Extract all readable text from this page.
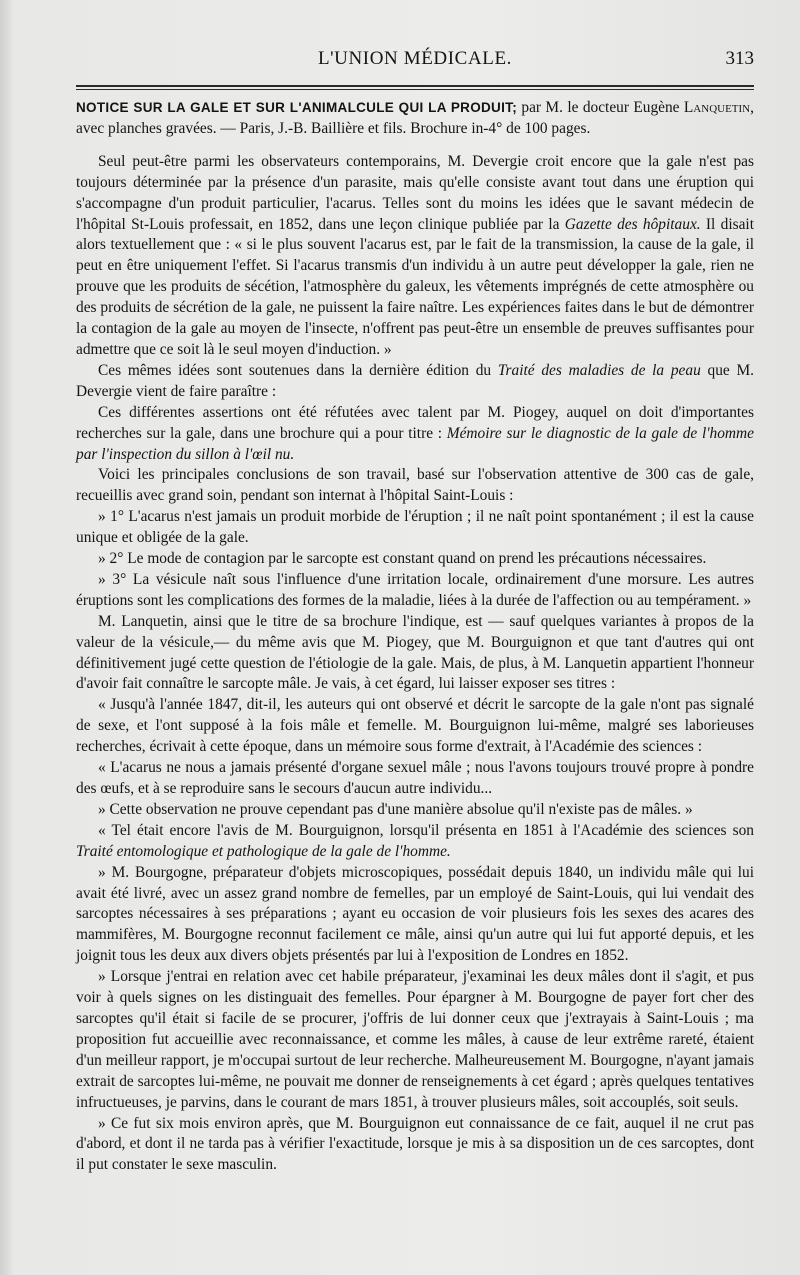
L'UNION MÉDICALE.	313
NOTICE SUR LA GALE ET SUR L'ANIMALCULE QUI LA PRODUIT; par M. le docteur Eugène Lanquetin, avec planches gravées. — Paris, J.-B. Baillière et fils. Brochure in-4° de 100 pages.

Seul peut-être parmi les observateurs contemporains, M. Devergie croit encore que la gale n'est pas toujours déterminée par la présence d'un parasite, mais qu'elle consiste avant tout dans une éruption qui s'accompagne d'un produit particulier, l'acarus. Telles sont du moins les idées que le savant médecin de l'hôpital St-Louis professait, en 1852, dans une leçon clinique publiée par la Gazette des hôpitaux. Il disait alors textuellement que : « si le plus souvent l'acarus est, par le fait de la transmission, la cause de la gale, il peut en être uniquement l'effet. Si l'acarus transmis d'un individu à un autre peut développer la gale, rien ne prouve que les produits de sécétion, l'atmosphère du galeux, les vêtements imprégnés de cette atmosphère ou des produits de sécrétion de la gale, ne puissent la faire naître. Les expériences faites dans le but de démontrer la contagion de la gale au moyen de l'insecte, n'offrent pas peut-être un ensemble de preuves suffisantes pour admettre que ce soit là le seul moyen d'induction. »

Ces mêmes idées sont soutenues dans la dernière édition du Traité des maladies de la peau que M. Devergie vient de faire paraître :

Ces différentes assertions ont été réfutées avec talent par M. Piogey, auquel on doit d'importantes recherches sur la gale, dans une brochure qui a pour titre : Mémoire sur le diagnostic de la gale de l'homme par l'inspection du sillon à l'œil nu.

Voici les principales conclusions de son travail, basé sur l'observation attentive de 300 cas de gale, recueillis avec grand soin, pendant son internat à l'hôpital Saint-Louis :

» 1° L'acarus n'est jamais un produit morbide de l'éruption ; il ne naît point spontanément ; il est la cause unique et obligée de la gale.

» 2° Le mode de contagion par le sarcopte est constant quand on prend les précautions nécessaires.

» 3° La vésicule naît sous l'influence d'une irritation locale, ordinairement d'une morsure. Les autres éruptions sont les complications des formes de la maladie, liées à la durée de l'affection ou au tempérament. »

M. Lanquetin, ainsi que le titre de sa brochure l'indique, est — sauf quelques variantes à propos de la valeur de la vésicule,— du même avis que M. Piogey, que M. Bourguignon et que tant d'autres qui ont définitivement jugé cette question de l'étiologie de la gale. Mais, de plus, à M. Lanquetin appartient l'honneur d'avoir fait connaître le sarcopte mâle. Je vais, à cet égard, lui laisser exposer ses titres :

« Jusqu'à l'année 1847, dit-il, les auteurs qui ont observé et décrit le sarcopte de la gale n'ont pas signalé de sexe, et l'ont supposé à la fois mâle et femelle. M. Bourguignon lui-même, malgré ses laborieuses recherches, écrivait à cette époque, dans un mémoire sous forme d'extrait, à l'Académie des sciences :

« L'acarus ne nous a jamais présenté d'organe sexuel mâle ; nous l'avons toujours trouvé propre à pondre des œufs, et à se reproduire sans le secours d'aucun autre individu...

» Cette observation ne prouve cependant pas d'une manière absolue qu'il n'existe pas de mâles. »

« Tel était encore l'avis de M. Bourguignon, lorsqu'il présenta en 1851 à l'Académie des sciences son Traité entomologique et pathologique de la gale de l'homme.

» M. Bourgogne, préparateur d'objets microscopiques, possédait depuis 1840, un individu mâle qui lui avait été livré, avec un assez grand nombre de femelles, par un employé de Saint-Louis, qui lui vendait des sarcoptes nécessaires à ses préparations ; ayant eu occasion de voir plusieurs fois les sexes des acares des mammifères, M. Bourgogne reconnut facilement ce mâle, ainsi qu'un autre qui lui fut apporté depuis, et les joignit tous les deux aux divers objets présentés par lui à l'exposition de Londres en 1852.

» Lorsque j'entrai en relation avec cet habile préparateur, j'examinai les deux mâles dont il s'agit, et pus voir à quels signes on les distinguait des femelles. Pour épargner à M. Bourgogne de payer fort cher des sarcoptes qu'il était si facile de se procurer, j'offris de lui donner ceux que j'extrayais à Saint-Louis ; ma proposition fut accueillie avec reconnaissance, et comme les mâles, à cause de leur extrême rareté, étaient d'un meilleur rapport, je m'occupai surtout de leur recherche. Malheureusement M. Bourgogne, n'ayant jamais extrait de sarcoptes lui-même, ne pouvait me donner de renseignements à cet égard ; après quelques tentatives infructueuses, je parvins, dans le courant de mars 1851, à trouver plusieurs mâles, soit accouplés, soit seuls.

» Ce fut six mois environ après, que M. Bourguignon eut connaissance de ce fait, auquel il ne crut pas d'abord, et dont il ne tarda pas à vérifier l'exactitude, lorsque je mis à sa disposition un de ces sarcoptes, dont il put constater le sexe masculin.
